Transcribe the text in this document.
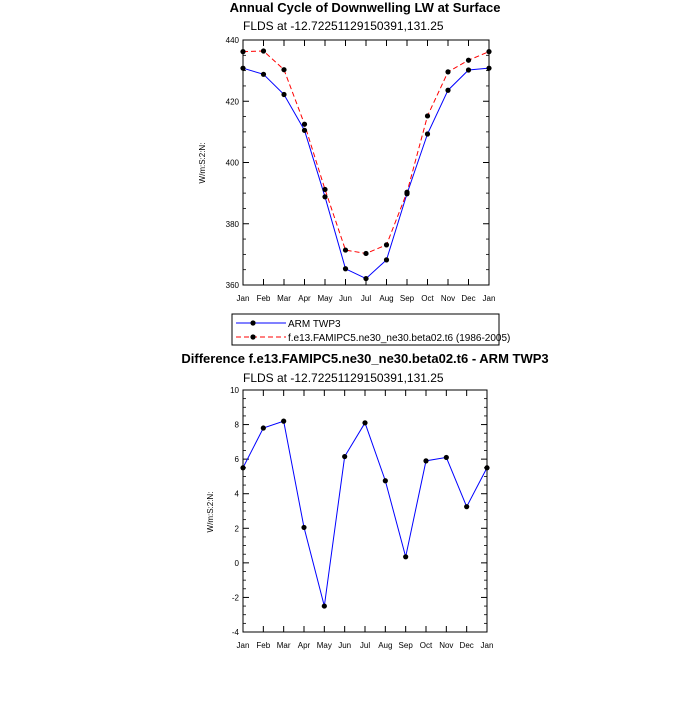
Annual Cycle of Downwelling LW at Surface
FLDS at -12.72251129150391,131.25
W/m:S:2:N:
360
380
400
420
440
Jan Feb Mar Apr May Jun Jul Aug Sep Oct Nov Dec Jan
ARM TWP3
f.e13.FAMIPC5.ne30_ne30.beta02.t6 (1986-2005)
Difference f.e13.FAMIPC5.ne30_ne30.beta02.t6 - ARM TWP3
FLDS at -12.72251129150391,131.25
W/m:S:2:N:
-4
-2
0
2
4
6
8
10
Jan Feb Mar Apr May Jun Jul Aug Sep Oct Nov Dec Jan
